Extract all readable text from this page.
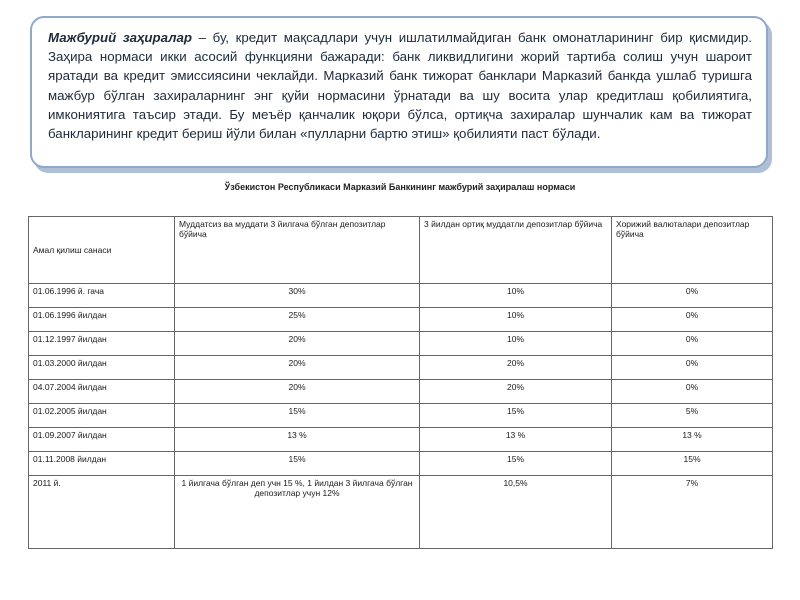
Мажбурий заҳиралар – бу, кредит мақсадлари учун ишлатилмайдиган банк омонатларининг бир қисмидир. Заҳира нормаси икки асосий функцияни бажаради: банк ликвидлигини жорий тартиба солиш учун шароит яратади ва кредит эмиссиясини чеклайди. Марказий банк тижорат банклари Марказий банкда ушлаб туришга мажбур бўлган захираларнинг энг қуйи нормасини ўрнатади ва шу восита улар кредитлаш қобилиятига, имкониятига таъсир этади. Бу меъёр қанчалик юқори бўлса, ортиқча захиралар шунчалик кам ва тижорат банкларининг кредит бериш йўли билан «пулларни бартю этиш» қобилияти паст бўлади.

Ўзбекистон Республикаси Марказий Банкининг мажбурий заҳиралаш нормаси
Амал қилиш санаси	Муддатсиз ва муддати 3 йилгача бўлган депозитлар бўйича	3 йилдан ортиқ муддатли депозитлар бўйича	Хорижий валюталари депозитлар бўйича
01.06.1996 й. гача	30%	10%	0%
01.06.1996 йилдан	25%	10%	0%
01.12.1997 йилдан	20%	10%	0%
01.03.2000 йилдан	20%	20%	0%
04.07.2004 йилдан	20%	20%	0%
01.02.2005 йилдан	15%	15%	5%
01.09.2007 йилдан	13 %	13 %	13 %
01.11.2008 йилдан	15%	15%	15%
2011 й.	1 йилгача бўлган деп учн 15 %, 1 йилдан 3 йилгача бўлган депозитлар учун 12%	10,5%	7%
